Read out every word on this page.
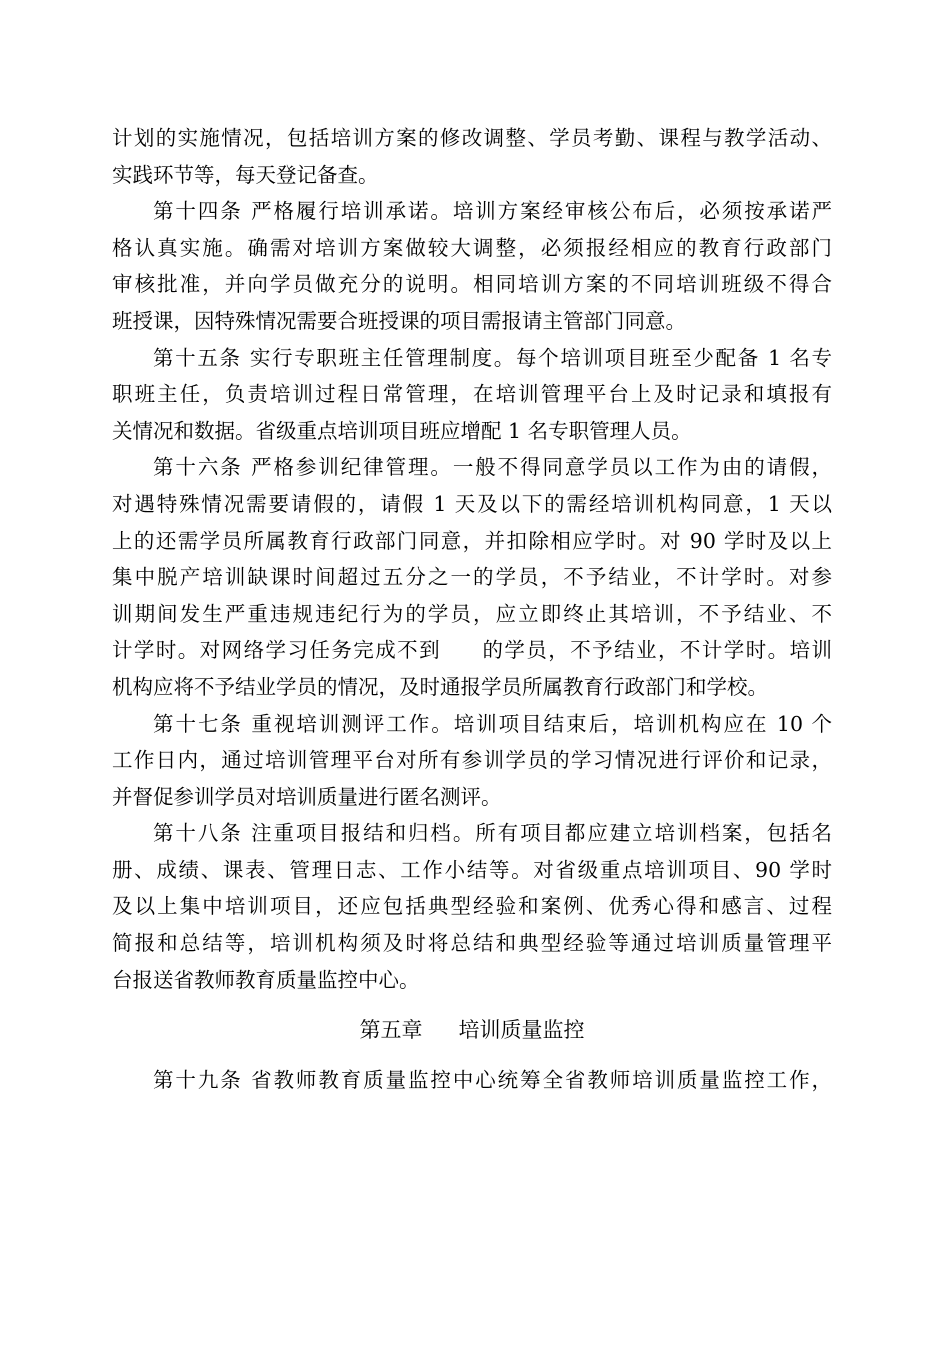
计划的实施情况，包括培训方案的修改调整、学员考勤、课程与教学活动、
实践环节等，每天登记备查。

第十四条 严格履行培训承诺。培训方案经审核公布后，必须按承诺严
格认真实施。确需对培训方案做较大调整，必须报经相应的教育行政部门
审核批准，并向学员做充分的说明。相同培训方案的不同培训班级不得合
班授课，因特殊情况需要合班授课的项目需报请主管部门同意。

第十五条 实行专职班主任管理制度。每个培训项目班至少配备 1 名专
职班主任，负责培训过程日常管理，在培训管理平台上及时记录和填报有
关情况和数据。省级重点培训项目班应增配 1 名专职管理人员。

第十六条 严格参训纪律管理。一般不得同意学员以工作为由的请假，
对遇特殊情况需要请假的，请假 1 天及以下的需经培训机构同意，1 天以
上的还需学员所属教育行政部门同意，并扣除相应学时。对 90 学时及以上
集中脱产培训缺课时间超过五分之一的学员，不予结业，不计学时。对参
训期间发生严重违规违纪行为的学员，应立即终止其培训，不予结业、不
计学时。对网络学习任务完成不到 的学员，不予结业，不计学时。培训
机构应将不予结业学员的情况，及时通报学员所属教育行政部门和学校。

第十七条 重视培训测评工作。培训项目结束后，培训机构应在 10 个
工作日内，通过培训管理平台对所有参训学员的学习情况进行评价和记录，
并督促参训学员对培训质量进行匿名测评。

第十八条 注重项目报结和归档。所有项目都应建立培训档案，包括名
册、成绩、课表、管理日志、工作小结等。对省级重点培训项目、90 学时
及以上集中培训项目，还应包括典型经验和案例、优秀心得和感言、过程
简报和总结等，培训机构须及时将总结和典型经验等通过培训质量管理平
台报送省教师教育质量监控中心。

第五章 培训质量监控

第十九条 省教师教育质量监控中心统筹全省教师培训质量监控工作，
